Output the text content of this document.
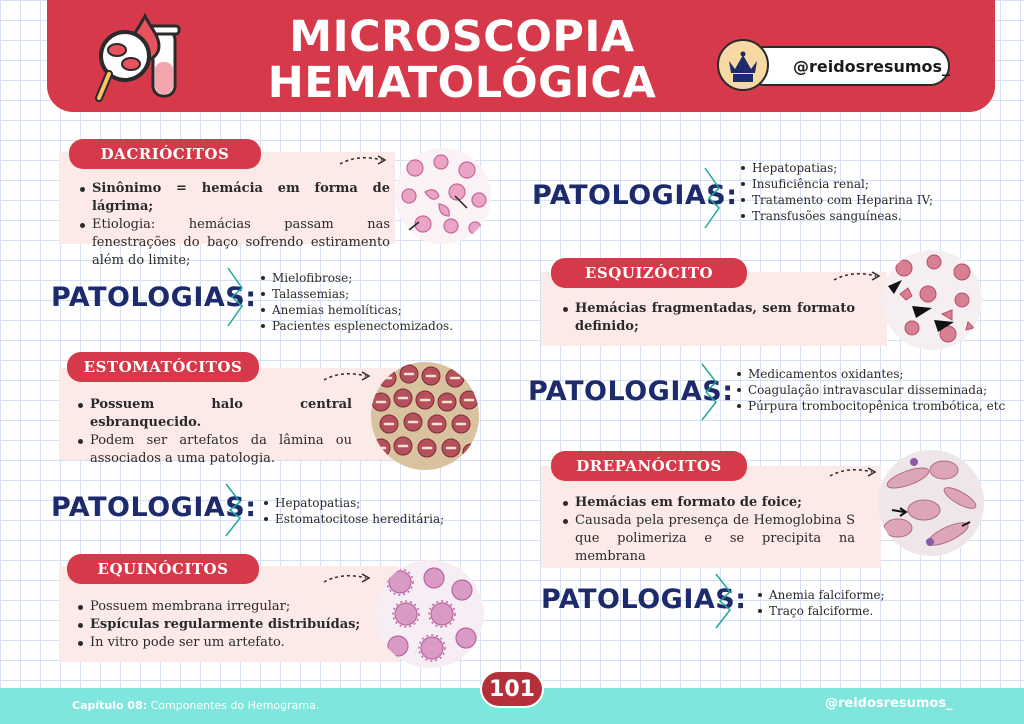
MICROSCOPIA
HEMATOLÓGICA	@reidosresumos_
DACRIÓCITOS
Sinônimo = hemácia em forma de lágrima;
Etiologia: hemácias passam nas fenestrações do baço sofrendo estiramento além do limite;
PATOLOGIAS:
Mielofibrose;
Talassemias;
Anemias hemolíticas;
Pacientes esplenectomizados.
ESTOMATÓCITOS
Possuem halo central esbranquecido.
Podem ser artefatos da lâmina ou associados a uma patologia.
PATOLOGIAS:	Hepatopatias;
Estomatocitose hereditária;
EQUINÓCITOS
Possuem membrana irregular;
Espículas regularmente distribuídas;
In vitro pode ser um artefato.
PATOLOGIAS:
Hepatopatias;
Insuficiência renal;
Tratamento com Heparina IV;
Transfusões sanguíneas.
ESQUIZÓCITO
Hemácias fragmentadas, sem formato definido;
PATOLOGIAS:
Medicamentos oxidantes;
Coagulação intravascular disseminada;
Púrpura trombocitopênica trombótica, etc
DREPANÓCITOS
Hemácias em formato de foice;
Causada pela presença de Hemoglobina S que polimeriza e se precipita na membrana
PATOLOGIAS:	Anemia falciforme;
Traço falciforme.
Capítulo 08: Componentes do Hemograma.
101
@reidosresumos_
